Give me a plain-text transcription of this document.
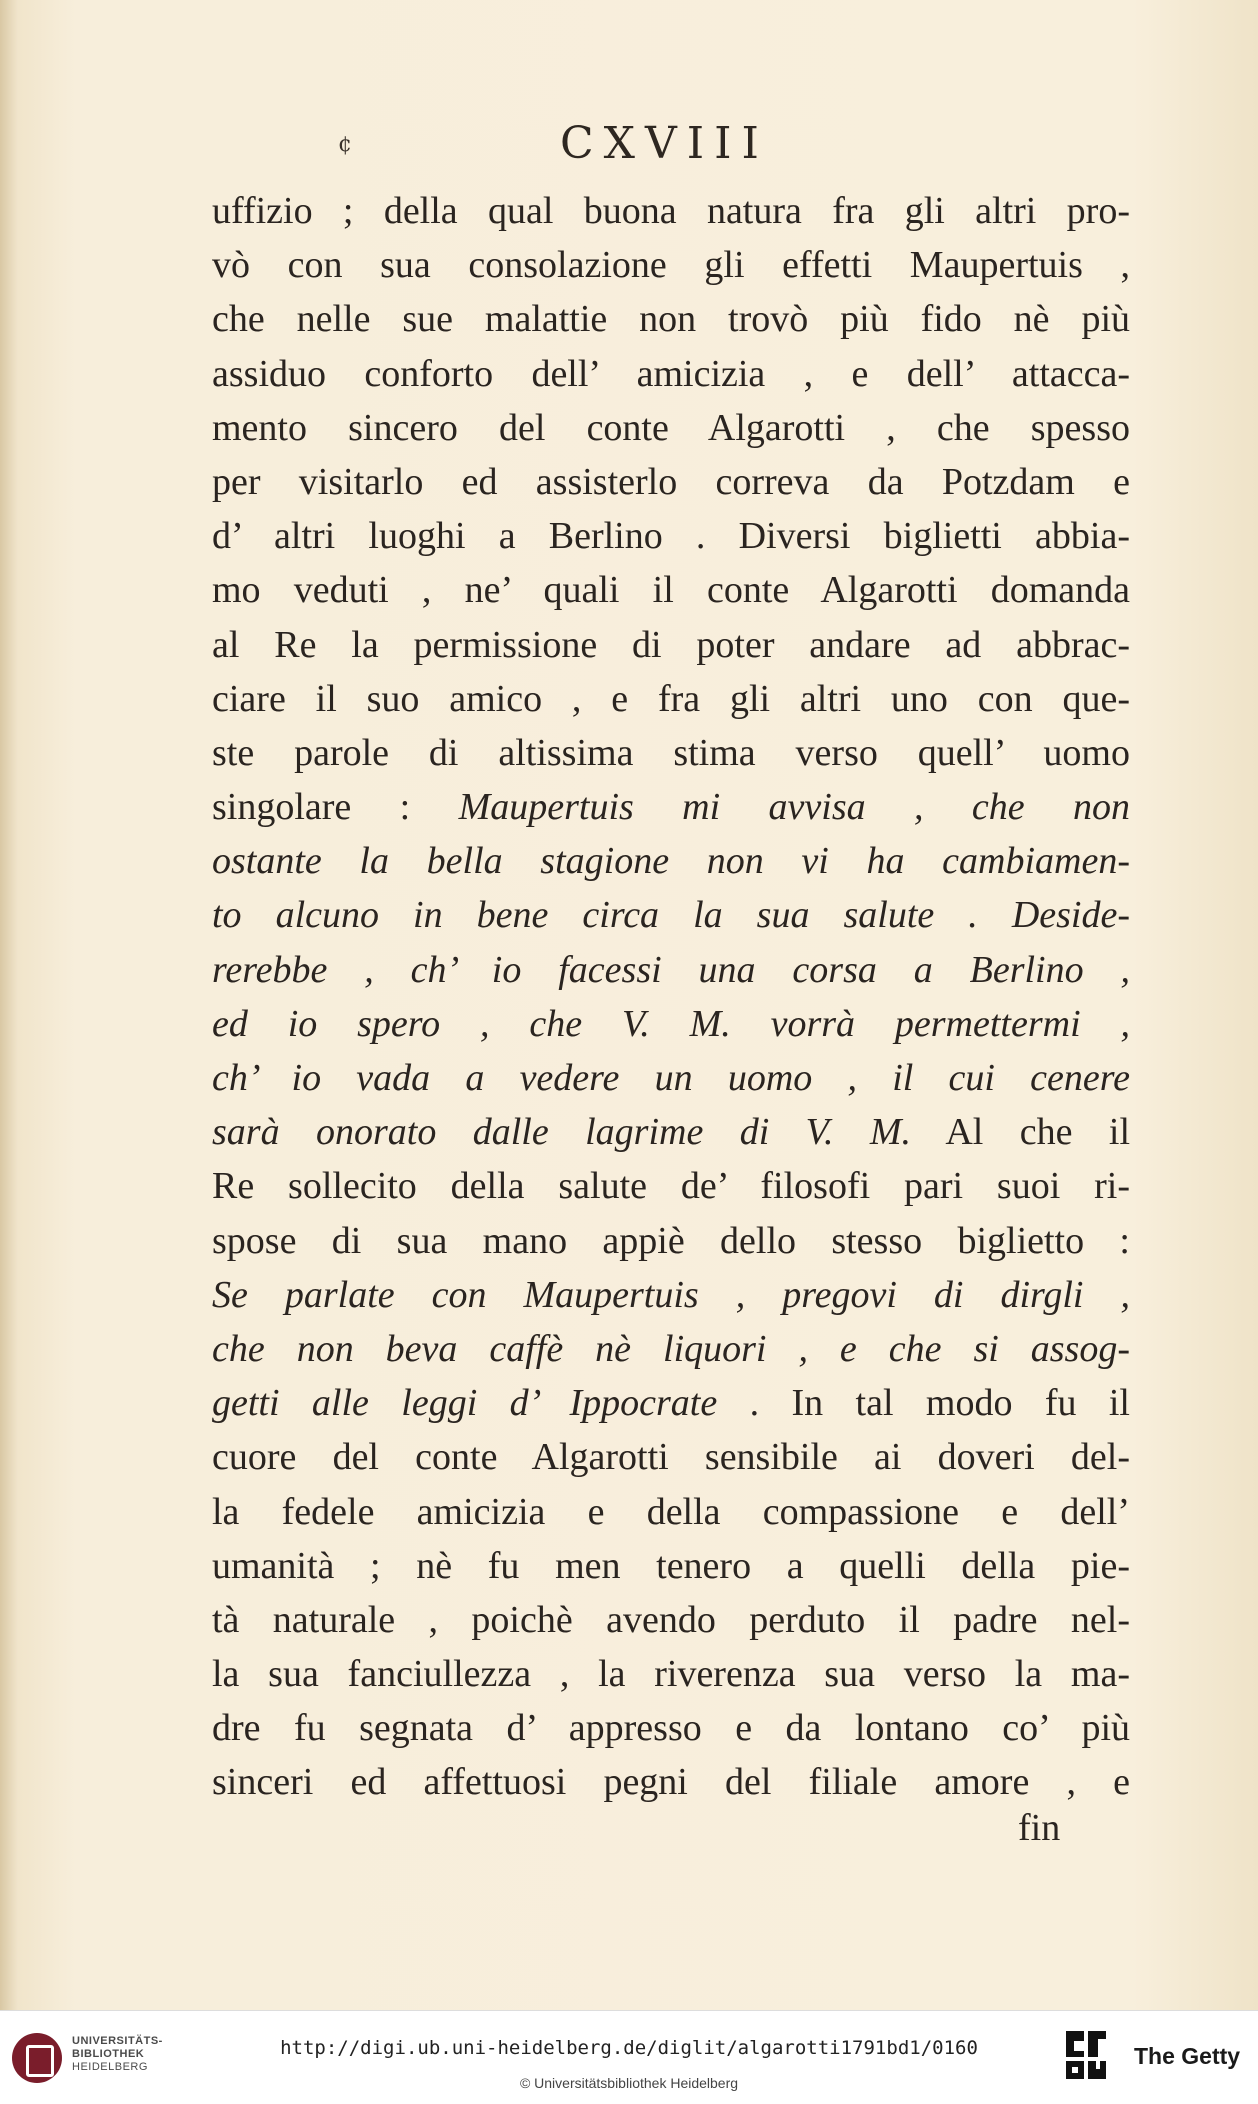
¢	CXVIII
uffizio ; della qual buona natura fra gli altri pro-
vò con sua consolazione gli effetti Maupertuis ,
che nelle sue malattie non trovò più fido nè più
assiduo conforto dell’ amicizia , e dell’ attacca-
mento sincero del conte Algarotti , che spesso
per visitarlo ed assisterlo correva da Potzdam e
d’ altri luoghi a Berlino . Diversi biglietti abbia-
mo veduti , ne’ quali il conte Algarotti domanda
al Re la permissione di poter andare ad abbrac-
ciare il suo amico , e fra gli altri uno con que-
ste parole di altissima stima verso quell’ uomo
singolare : Maupertuis mi avvisa , che non
ostante la bella stagione non vi ha cambiamen-
to alcuno in bene circa la sua salute . Deside-
rerebbe , ch’ io facessi una corsa a Berlino ,
ed io spero , che V. M. vorrà permettermi ,
ch’ io vada a vedere un uomo , il cui cenere
sarà onorato dalle lagrime di V. M. Al che il
Re sollecito della salute de’ filosofi pari suoi ri-
spose di sua mano appiè dello stesso biglietto :
Se parlate con Maupertuis , pregovi di dirgli ,
che non beva caffè nè liquori , e che si assog-
getti alle leggi d’ Ippocrate . In tal modo fu il
cuore del conte Algarotti sensibile ai doveri del-
la fedele amicizia e della compassione e dell’
umanità ; nè fu men tenero a quelli della pie-
tà naturale , poichè avendo perduto il padre nel-
la sua fanciullezza , la riverenza sua verso la ma-
dre fu segnata d’ appresso e da lontano co’ più
sinceri ed affettuosi pegni del filiale amore , e
fin
UNIVERSITÄTS-
BIBLIOTHEK
HEIDELBERG
http://digi.ub.uni-heidelberg.de/diglit/algarotti1791bd1/0160
© Universitätsbibliothek Heidelberg
The Getty
